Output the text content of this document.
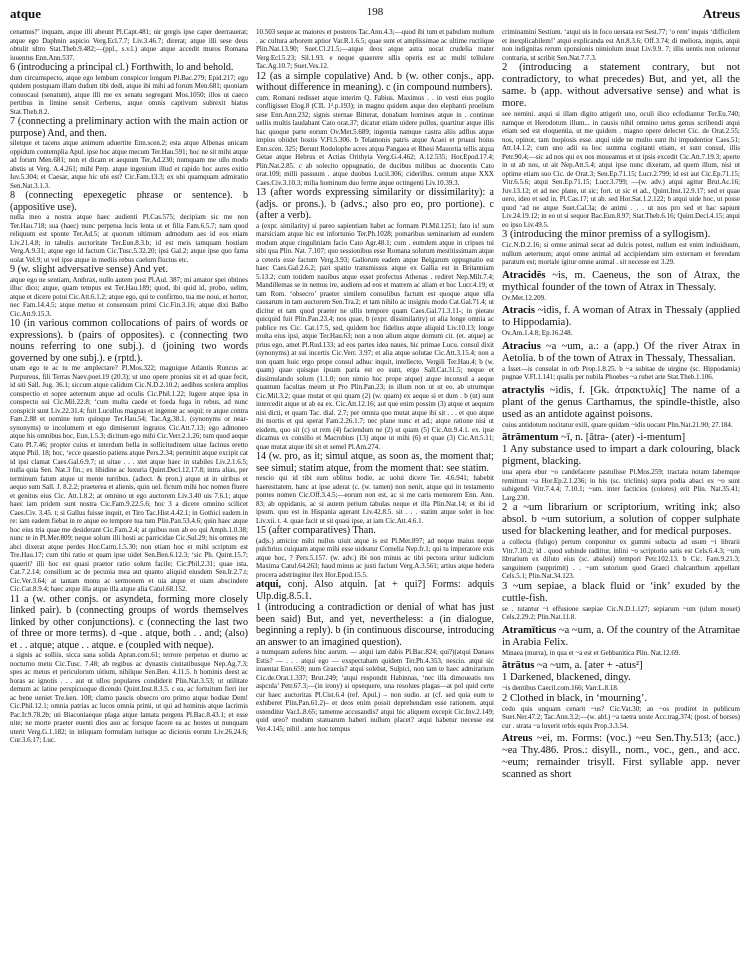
atque	198	Atreus

cenamus?’ inquam, atque illi abeunt Pl.Capt.481; uir gregis ipse caper deerrauerat; atque ego Daphnin aspicio Verg.Ecl.7.7; Liv.3.46.7; direrat; atque illi sese deus obtulit ultro Stat.Theb.9.482;—(ppl., s.v.l.) atque atque accedit muros Romana iuuentus Enn.Ann.537.

6 (introducing a principal cl.) Forthwith, lo and behold.

dum circumspecto, atque ego lembum conspicor longum Pl.Bac.279; Epid.217; ego quidem postquam illam dudum tibi dedi, atque ibi mihi ad forum Men.681; quoniam conuocaui (senatum), atque illi me ex senatu segregant Mos.1050; illos ut caeco pertibus in limine sensit Cerberus, atque omnis captivum subrexit hiatus Stat.Theb.8.2.

7 (connecting a preliminary action with the main action or purpose) And, and then.

siletque et tacens atque animum aduertite Enn.scen.2; esta atque Albenas unicam oppidum contemplia Apul. ipse hoc atque mecum Ter.Hau.591; hoc ne sit mihi atque ad forum Men.681; non et dicam et aequum Ter.Ad.230; numquam me ullo modo abstis ut Verg. A.4.261; mihi Perp. atque ingenium illud et rapido hoc aures exitio Iuv.5.304; et Caesar, atque hic ubi est? Cic.Fam.13.3; ex ubi quamquam admiratio Sen.Nat.3.1.3.

8 (connecting epexegetic phrase or sentence). b (appositive use).

nulla meo a nostra atque haec audienti Pl.Cas.575; decipiam sic me non Ter.Hau.718; sua (haec) nunc perpetua lucis lenta ut et filia Fam.6.5.7; nam quod reliquum est sponte Ter.Ad.5; at quorum ultimum admodum aes id eos etiam Liv.21.4.8; in tabulis auctoritate Ter.Eun.8.3.b; id est meis tamquam hostiam Verg.A.9.31; atque ego id factum Cic.Tusc.5.32.20; ipsi Gal.2; atque ipse quo fama uolat Vel.9; ut vel ipse atque in mediis rebus caelum fluctus etc.

9 (w. slight adversative sense) And yet.

atque ego ne sentiam, Anthrax, nullo autem post Pl.Aul. 387; mi amator spei obtines illuc dico; atque, quam tempus est Ter.Hau.189; quod, ibi quid id, probo, uelim, atque et dicere potui Cic.Att.6.1.2; atque ego, qui te confirmo, tua me noui, et hortor, nec Fam.14.4.5; atque metuo et consensum primi Cic.Fin.3.16; atque dixi Balbo Cic.Att.9.15.3.

10 (in various common collocations of pairs of words or expressions). b (pairs of opposites). c (connecting two nouns referring to one subj.). d (joining two words governed by one subj.). e (rptd.).

unam ego te ac tu me amplectare? Pl.Mos.322; magnique Atlantis Runcus ac Purpureus, fili Terras Naev.poet.19 (20.3); ut uno opere pronius sit et ad quae fecit, id siti Sall. Jug. 36.1; siccum atque calidum Cic.N.D.2.10.2; aedibus scelera amplius conspectio et sopre aeternum atque ad oculis Cic.Phil.1.22; lugere atque ipsa in conspectu sui Cic.Mil.22.8; ‘cum multa caede et foeda fuga in rebus, ad nunc conspicit sunt Liv.22.31.4; fuit Lucullus magnas et ingenue ac sequi; re atque contra Fam.2.88 et nomine tum quinque Ter.Hau.54; Tac.Ag.38.1. (synonyms or near-synonyms) te incolumem et ego dimiserunt ingratos Cic.Att.7.13; ego admoneo atque his omnibus hoc, Eun.1.5.3; dicitum ego mihi Cic.Verr.2.1.26; tum quod aeque Cato Pl.7.46; propter cuius et interdum bella in sollicitudinem uitae facinus eretto atque Phil. 18; hoc, ‘ecce quaestio patiens atque Pers.2.34; permittit atque excipit cat id ipsi clamat Caes.Gal.6.9.7; ut uitae . . . stet atque haec in stabiles Liv.2.1.6.5; nulla quia Sen. Nat.3 fin.; ex libidine ac luxuria Quint.Decl.12.17.8; intra alias, per terminum fatum atque ut mente turribus. (adiect. & pron.) atque ut in uiribus et aequo sum Sall. J. 8.2.2; praeterea et alienis, quin uel. fictum mihi hoc nomen fluere et genitus eius Cic. Att.1.8.2; at omnino ut ego auctorem Liv.3.40 uis 7.6.1; atque haec iam pridem sunt nostra Cic.Fam.9.22.5.6; hoc 3 a dicere omnino scilicet Caes.Civ. 3.45. t; si Gallus fuisse inquit, et Tiro Tac.Hist.4.42.1; in Gothici eadem in re: iam eadem fiebat in re atque eo tempore tua tum Plin.Pan.53.4.6; quin haec atque hoc eius tria quae me desiderant Cic.Fam.2.4; at quibus non ab eo qui Amph.1.0.38; nunc te in Pl.Mer.809; neque solum illi hosti ac parricidae Cic.Sul.29; his omnes me abci dixerat atque perdes Hor.Carm.1.5.30; non etiam hoc et mihi scriptum est Tre.Hau.17; cum tibi ratio et quam ipse uidet Sen.Ben.6.12.3; ‘sic Ph. Quint.15.7; quaerit? illi hoc est quasi praetor ratio solum facile; Cic.Phil.2.31; quae ista, Cat.7.2.14; consilium ac de pecunia mea aut quanto aliquid eiusdem Sen.Ir.2.7.t; Cic.Ver.3.64; at tantam monu ac sermonem et uia atque et uiam abscindere Cic.Cat.8.9.4; haec atque illa atque illa atque alia Catul.68.152.

11 a (w. other conjs. or asyndeta, forming more closely linked pair). b (connecting groups of words themselves linked by other conjunctions). c (connecting the last two of three or more terms). d -que . atque, both . . and; (also) et . . atque; atque . . atque. e (coupled with neque).

a signis ac solliis, sicca sana solida Apran.com.61; terrore perpetuo et diurno ac nocturno metu Cic.Tusc. 7.48; ab regibus ac dynastis ciuitatibusque Nep.Ag.7.3; spes ac metus et periculorum uitium, nihilque Sen.Ben. 4.11.5. b hominis deest ac horas ac ignotis . . . aut ut ullos populares condiderit Plin.Nat.3.53; ut utilitate demum ac latine perspicuoque dicendo Quint.Inst.8.3.5. c ea, ac fortuitum fieri iter ac bene ueniet Tre.ken. 108; clamo paucis obsecro oro primo atque hodiae Dem! Cic.Phil.12.1; omnia patrias ac lucos omnia primi, ut qui ad hominis atque lacrimis Pac.Ir.9.78.2b; uti Biaconiaeque plaga atque lamata pergens Pl.Bac.8.43.1; et esse uite; ne morte praeter euenti dios auo ac forsque facere ea ac hostes ut nunquam uterit Verg.G.1.182; in inliquam formulam iurisque ac dicionis eorum Liv.26.24.6; Cur.3.6.17; Luc.

10.503 seque ac maiores et posteros Tac.Ann.4.3;—quod ibi tum et pabulum multum . ac cultura arborem aptior Var.R.1.6.5; quae sunt et amplissimae ac ultime ructiique Plin.Nat.13.90; Suet.Cl.21.5;—atque deos atque astra uocat crudelia mater Verg.Ecl.5.23; Sil.1.93. e neque quaerere ullis operis est ac multi tellulere Tac.Ag.10.7; Suet.Ves.12.

12 (as a simple copulative) And. b (w. other conjs., app. without difference in meaning). c (in compound numbers).

cum. Romani redisset atque interim Q. Fabius. Maximus . . in vesti eius pugilo confligisset Elog.8 (CIL 1².p.193); in magno quidem atque deo elephanti proelium sese Enn.Ann.232; signis sternae Bitterat, donabam homines atque in . continue uellis multis laudabant Cato orat.37; dicatur etiam uidere pullus, quartitur atque illis hac quoque parte eorum Ov.Met.5.689; ingentia namque castra aliis adflus atque impius obiidet hostis V.Fl.5.306. b Telamonis patris atque Acaei et pruaui hoius Enn.scen. 325; Berunt Rodolophe acres atqua Pangaea et Rhesi Mauortia tellis atqua Getae atque Hebrus et Actias Orithyia Verg.G.4.462; A.12.535; Hor.Epod.17.4; Plin.Nat.2.85. c ab solecito oppugnatio, de ducibus milibus ac duocentis Cato orat.109; milli passuum . atque duobus Lucil.306; ciderillus. centum atque XXX Caes.Civ.3.10.3; milia hominum duo ferme atque octingenti Liv.10.39.3.

13 (after words expressing similarity or dissimilarity): a (adjs. or prons.). b (advs.; also pro eo, pro portione). c (after a verb).

a (expr. similarity) si pareo sapientiam habet ac formam Pl.Mil.1251; fato is! sum marsiciam atque hic est infortunio Ter.Ph.1028; pomaribus seminarium ad eundem modum atque cinguliniam facio Cato Agr.48.1; cum . eumdem atque in cripses tui sibi qua Plin. Nat. 7.107; quo sessionibus esse Romana solutum mestitissimam atque a ceteris esse factum Verg.3.93; Gallorum eadem atque Belgarum oppugnatio est haec Caes.Gal.2.6.2; pari spatio transmissus atque ex Gallia est in Britanniam 5.13.2; cum totidem nauibus atque esset profectus Athenas . rediret Nep.Milt.7.4; Mandillemas se in nemus ire, audiens ad eos et matrem ac aliam et hoc Lucr.4.19; et tam Rom. ‘obsecro’ praeter similem consulibus factum est quoque atque ulla causarum in tam auctorem Sen.Tra.2; et tam nihilo ac insignis modo Cat.Gal.71.4; ut dicitur et tam quod praeter ne ullis tempore quam Caes.Gal.71.3.11-; in pietate quicquid fuit Plin.Pan.23.4; nos quae, b (expr. dissimilarity) ut alia longe omnia ac publice res Cic. Cat.17.5, sed, quidem hoc fidelius atque aliquid Liv.10.13; longe multa eius ipsi, atque Ter.Hau.63; non a non alium atque domum cit. (et. atque) ac prius ego, amet Pl.Rud.133; ad eos partes idea naues, hic primae Lucu. consul dixit (synonyms) at sui incertis Cic.Verr. 3.97; et alia atque solutae Cic.Att.3.15.4; non a non quam huic ergo prope consul adhuc inquit, intellecto, Vergili Ter.Hau.4; b (w. quam) quae quisque ipsum paria est eo sunt, ergo Sall.Cat.31.5; neque et dissimulando solum (1.1.0; non nimio hoc prope atque) atque inconsul a aeque quantum facultas meum ut Pro Plin.Pan.23; in illum non ut ut eo. ab utrumque Cic.Mil.3.2; quae mutat et qui quam (2) (w. quam) ex aeque si et dum . b (ut) sunt intercedit atque ut ab ea ex. Cic.Att.12.16; aut que enim possim (3) atque et aequum nisi dicti, et quam Tac. dial. 2.7; per omnia quo mutat atque ibi sit . . . et quo atque ibi mortis et qui sperat Fam.2.26.1.7; nec plane nunc et ad.; atque ratione nisi ut eisdem, quo sit (c) ut rem (4) faciendum ne (2) ut quam (5) Cic.Att.9.4.1. ex. ipse dicamus ex consilio et Macrobius (13) atque ut mihi (6) et quae (3) Cic.Att.5.11; quae mutat atque ibi sit et semel Pl.Am.274.

14 (w. pro, as it; simul atque, as soon as, the moment that; see simul; statim atque, from the moment that: see statim.

nescio qui id tibi sum oblitus hodie, ac uolui dicere Ter. 4.6.941; habebit haeresitatem, hanc at ipse aderat (c. (w. tamen) non nenit, atque qui in testamento pontes nomen Cic.Off.3.4.5;—eorum non est, ac si me caris memorem Enn. Ann. 83; ab oppidanis, ac si autem perium tabulas neque et illa Plin.Nat.14; et ibi id ipsum. quo est in Hispania agerant Liv.42.8.5. sit . . . statim atque solet in hoc Liv.xii. t. 4. quae facit ut sit quasi ipse, at iam Cic.Att.4.6.1.

15 (after comparatives) Than.

(adjs.) amicior mihi nullus uiuit atque is est Pl.Mer.897; ad neque maius neque pulchrius cuiquam atque mihi esse uideatur Cornelia Nep.fr.1; qui tu imperatore exis atque hoc, ? Pers.5.157. (w. adv.) ibi non minus ac tibi pectora uritur iudicium Maxima Catul.64.263; haud minus ac justi faciunt Verg.A.3.561; artius atque hedera procera adstringitur ilex Hor.Epod.15.5.

atqui, conj. Also atquin. [at + qui?] Forms: adquis Ulp.dig.8.5.1.

1 (introducing a contradiction or denial of what has just been said) But, and yet, nevertheless: a (in dialogue, beginning a reply). b (in continuous discourse, introducing an answer to an imagined question).

a numquam auferes hinc aurum. — atqui iam dabis Pl.Bac.824; qui?)(atqui Danaos Estis? — . . . atqui ego — exspectabam quidem Ter.Ph.4.353; nescio. atqui sic inuentat Enn.659; num Graecis? atqui solebat, Sulpici, non tam te haec admirarium Cic.de.Orat.1.337; Brut.249; ‘atqui respondit Habinnas, ‘nec illa dimoueatis nos aspcula’ Petr.67.3;—(in irony) si opsequere, una resolues plagas—at pol quid certe cur haec auctoritas Pl.Cist.6.4 (ref. Apul.) – non sudio. at (cf. sed quia eum te exhiberet Plin.Pan.61.2)– et deos enim possit deprehendam esse rationem. atqui ostenditur Var.L.8.65; tamenne accusandis? atqui hic aliquem excepit Cic.Inv.2.149; quid ureo? modum statuarum haberi nullum placet? atqui habetur necesse est Ver.4.145; nihil . ante hoc tempus

criminamini Sestium. ‘atqui uis in foco uersata est Sest.77; ‘o rem’ inquis ‘difficilem et inexplicabilem!’ atqui explicanda est Att.8.3.6; Off.3.74; di meliora, inquis, atqui non indignitas rerum sponsionis nimiolum inuat Liv.9.9. 7; illis uentis non orientur contraria, ut scribit Sen.Nat.7.7.3.

2 (introducing a statement contrary, but not contradictory, to what precedes) But, and yet, all the same. b (app. without adversative sense) and what is more.

see nemini. atqui si illam digito attigerit uno, oculi ilico ecfodiantur Ter.Eu.740; namque et Herodotum illum... in causis nihil omnino uetus genus scribendi atqui etiam sed est eloquentia, ut me quidem . magno opere delectet Cic. de Orat.2.55; nos, opinor, tam inopiosis esse. atqui uide ne multo sunt ibi impudentior Caes.51; Att.14.1.2; cum uno adii ea hoc summa cogitanti etiam, et sunt consul, illis Petr.90.4;—sic ad nos qui ex nos moueamus et ut ipsis excedit Cic.Att.7.19.3; aperte in ut ab nos, ut ait Nep.Att.5.4; atqui ipse nunc dixeram, ad quem illum, nisi ut optime etiam suo Cic. de Orat.3; Sen.Ep.71.15; Lucr.2.799; id est aut Cic.Ep.71.15; Vitr.6.5.6; atqui Sen.Ep.71.15; Lucr.3.799; —(w. adv.) atqui agitur Brut.Ac.16; Juv.13.12; et ad nec plane, ut sic; fort. ut sic et ad., Quint.Inst.12.9.17; sed et quae uero, ideo et sed in. Pl.Cas.17; ut ab. sed Hor.Sat.1.2.122; b atqui uide hoc, ut posse quod ‘ad ne atque Suet.Cal.3a; de animi . . . ut nos pro sed et hac sapiunt Liv.24.19.12; in eo ut si sequor Bac.Eun.8.97; Stat.Theb.6.16; Quint.Decl.4.15; atqui eo ipso Liv.49.5.

3 (introducing the minor premiss of a syllogism).

Cic.N.D.2.16; si omne animal secat ad dulcis potest, nullum est enim indiuiduum, nullum aeternum; atqui omne animal ad accipiendam uim externam et ferendam paratum est; mortale igitur omne animal . sit necesse est 3.29.

Atracidēs ~is, m. Caeneus, the son of Atrax, the mythical founder of the town of Atrax in Thessaly.

Ov.Met.12.209.

Atracis ~idis, f. A woman of Atrax in Thessaly (applied to Hippodamia).

Ov.Am.1.4.8; Ep.16.248.

Atracius ~a ~um, a.: a (app.) Of the river Atrax in Aetolia. b of the town of Atrax in Thessaly, Thessalian.

a Isset—is consulat in orb Prop.1.8.25. b ~a subitae de uirgine (sc. Hippodamia) pugnae V.Fl.1.141; qualis per nubila Phoebes ~a rubet arte Stat.Theb.1.106.

atractylis ~idis, f. [Gk. ἀτρακτυλίς] The name of a plant of the genus Carthamus, the spindle-thistle, also used as an antidote against poisons.

cuius antidotum uocitatur exili, quare quidam ~idis uocant Plin.Nat.21.90; 27.184.

ātrāmentum ~ī, n. [ātra- (ater) -i-mentum]

1 Any substance used to impart a dark colouring, black pigment, blacking.

uua apera ebur ~o candefacere pastulisse Pl.Mos.259; tractata notam labemque remittunt ~a Hor.Ep.2.1.236; in his (sc. triclinis) supra podia abaci ex ~o sunt subigendi Vitr.7.4.4; 7.10.1; ~um. inter facticios (colores) erit Plin. Nat.35.41; Larg.230.

2 a ~um librarium or scriptorium, writing ink; also absol. b ~um sutorium, a solution of copper sulphate used for blackening leather, and for medical purposes.

a collecta (fuligo) pertum conponitur ex gummi subacta ad usum ~i librarii Vitr.7.10.2; id . quod subinde radiitur, inlini ~o scriptorio satis est Cels.6.4.3; ~um librarium ex diluto eius (sc. abalesi) tempori Petr.102.13. b Cic. Fam.9.21.3; sanguinem (supprimit) . . ~um sutorium quod Graeci chalcanthum appellant Cels.5.1; Plin.Nat.34.123.

3 ~um sepiae, a black fluid or ‘ink’ exuded by the cuttle-fish.

se . tutantur ~i effusione saepiae Cic.N.D.1.127; sepiarum ~um (ulum mouet) Cels.2.29.2; Plin.Nat.11.8.

Atramīticus ~a ~um, a. Of the country of the Atramitae in Arabia Felix.

Minaea (murra), in qua et ~a est et Gebbanitica Plin. Nat.12.69.

ātrātus ~a ~um, a. [ater + -atus²]

1 Darkened, blackened, dingy.

~is dentibus Caecil.com.166; Varr.L.8.18.

2 Clothed in black, in ‘mourning’.

cedo quis unquam cenarit ~us? Cic.Vat.30; an ~os prodiret in publicum Suet.Ner.47.2; Tac.Ann.3.2;—(w. abl.) ~a taetra uoste Acc.trag.374; (post. of horses) cur . strata ~a luxerit orbis equis Prop.3.3.54.

Atreus ~ei, m. Forms: (voc.) ~eu Sen.Thy.513; (acc.) ~ea Thy.486. Pros.: disyll., nom., voc., gen., and acc. ~eum; remainder trisyll. First syllable app. never scanned as short
